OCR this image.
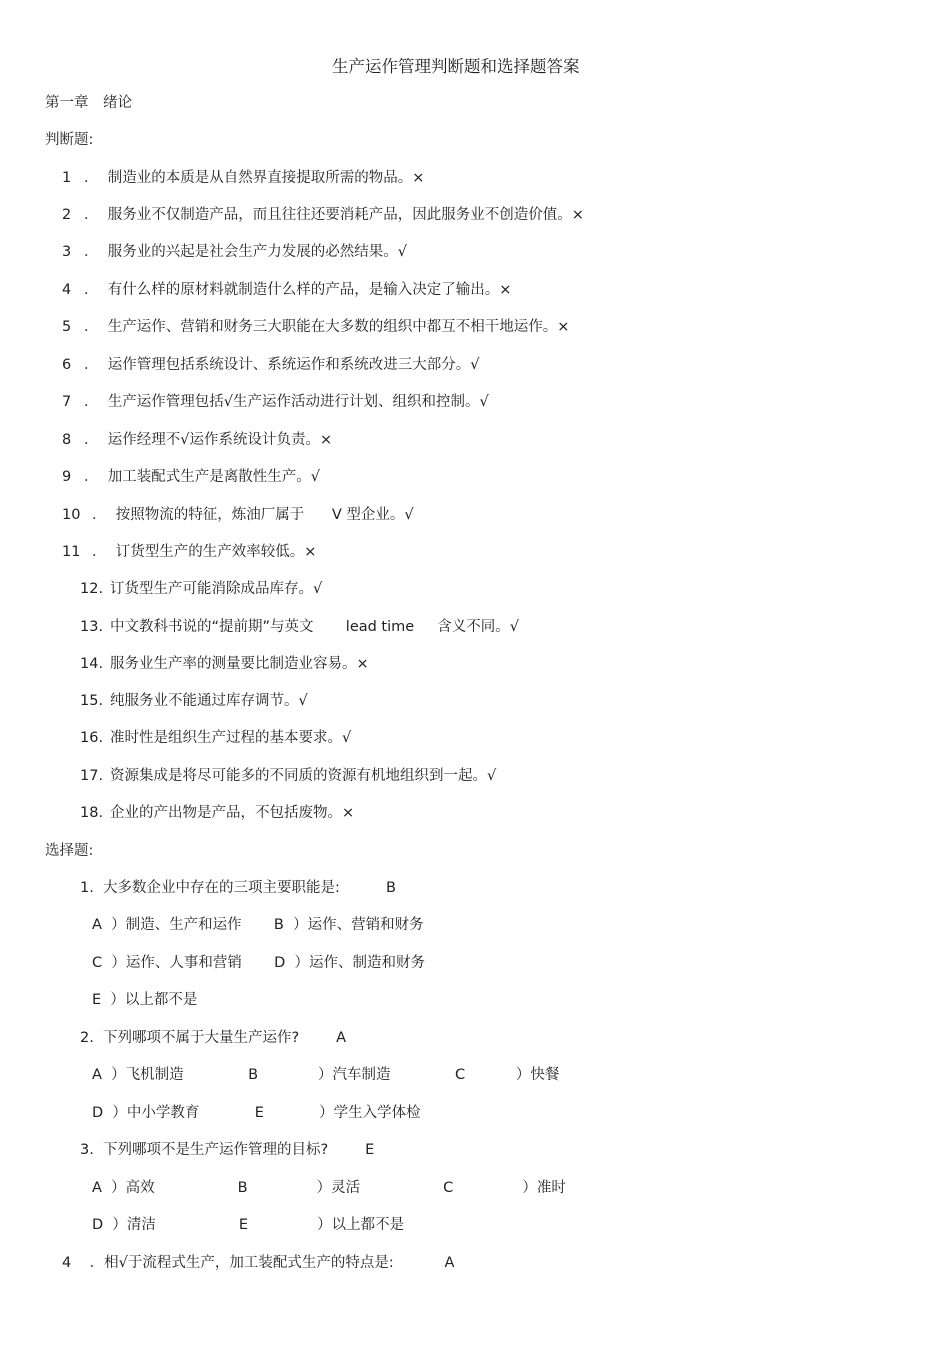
生产运作管理判断题和选择题答案
第一章　绪论
判断题:
1 ．  制造业的本质是从自然界直接提取所需的物品。×
2 ．  服务业不仅制造产品，而且往往还要消耗产品，因此服务业不创造价值。×
3 ．  服务业的兴起是社会生产力发展的必然结果。√
4 ．  有什么样的原材料就制造什么样的产品，是输入决定了输出。×
5 ．  生产运作、营销和财务三大职能在大多数的组织中都互不相干地运作。×
6 ．  运作管理包括系统设计、系统运作和系统改进三大部分。√
7 ．  生产运作管理包括√生产运作活动进行计划、组织和控制。√
8 ．  运作经理不√运作系统设计负责。×
9 ．  加工装配式生产是离散性生产。√
10 ．  按照物流的特征，炼油厂属于      V 型企业。√
11 ．  订货型生产的生产效率较低。×
12. 订货型生产可能消除成品库存。√
13. 中文教科书说的“提前期”与英文       lead time     含义不同。√
14. 服务业生产率的测量要比制造业容易。×
15. 纯服务业不能通过库存调节。√
16. 准时性是组织生产过程的基本要求。√
17. 资源集成是将尽可能多的不同质的资源有机地组织到一起。√
18. 企业的产出物是产品，不包括废物。×
选择题:
1.  大多数企业中存在的三项主要职能是:          B
A  ）制造、生产和运作       B  ）运作、营销和财务
C  ）运作、人事和营销       D  ）运作、制造和财务
E  ）以上都不是
2.  下列哪项不属于大量生产运作?        A
A  ）飞机制造              B             ）汽车制造              C           ）快餐
D  ）中小学教育            E            ）学生入学体检
3.  下列哪项不是生产运作管理的目标?        E
A  ）高效                  B               ）灵活                  C               ）准时
D  ）清洁                  E               ）以上都不是
4    ．相√于流程式生产，加工装配式生产的特点是:           A
